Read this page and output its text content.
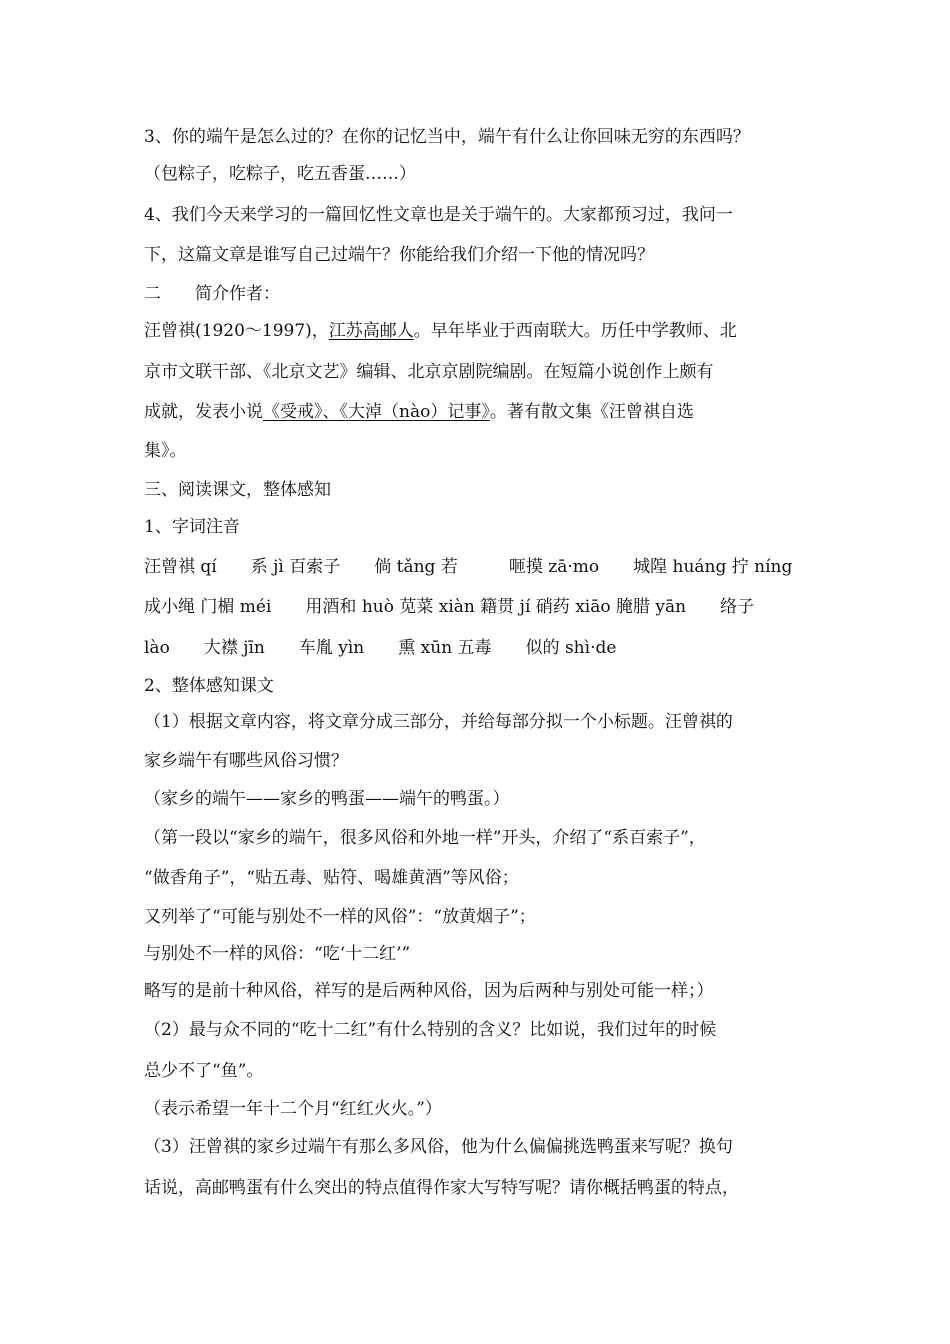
3、你的端午是怎么过的？在你的记忆当中，端午有什么让你回味无穷的东西吗？
（包粽子，吃粽子，吃五香蛋……）
4、我们今天来学习的一篇回忆性文章也是关于端午的。大家都预习过，我问一
下，这篇文章是谁写自己过端午？你能给我们介绍一下他的情况吗？
二　　简介作者：
汪曾祺(1920～1997)，江苏高邮人。早年毕业于西南联大。历任中学教师、北
京市文联干部、《北京文艺》编辑、北京京剧院编剧。在短篇小说创作上颇有
成就，发表小说《受戒》、《大淖（nào）记事》。著有散文集《汪曾祺自选
集》。
三、阅读课文，整体感知
1、字词注音
汪曾祺 qí　　系 jì 百索子　　倘 tǎng 若　　　咂摸 zā·mo　　城隍 huáng 拧 níng
成小绳 门楣 méi　　用酒和 huò 苋菜 xiàn 籍贯 jí 硝药 xiāo 腌腊 yān　　络子
lào　　大襟 jīn　　车胤 yìn　　熏 xūn 五毒　　似的 shì·de
2、整体感知课文
（1）根据文章内容，将文章分成三部分，并给每部分拟一个小标题。汪曾祺的
家乡端午有哪些风俗习惯？
（家乡的端午——家乡的鸭蛋——端午的鸭蛋。）
（第一段以“家乡的端午，很多风俗和外地一样”开头，介绍了“系百索子”，
“做香角子”，“贴五毒、贴符、喝雄黄酒”等风俗；
又列举了“可能与别处不一样的风俗”：“放黄烟子”；
与别处不一样的风俗：“吃‘十二红’”
略写的是前十种风俗，祥写的是后两种风俗，因为后两种与别处可能一样；）
（2）最与众不同的“吃十二红”有什么特别的含义？比如说，我们过年的时候
总少不了“鱼”。
（表示希望一年十二个月“红红火火。”）
（3）汪曾祺的家乡过端午有那么多风俗，他为什么偏偏挑选鸭蛋来写呢？换句
话说，高邮鸭蛋有什么突出的特点值得作家大写特写呢？请你概括鸭蛋的特点，
